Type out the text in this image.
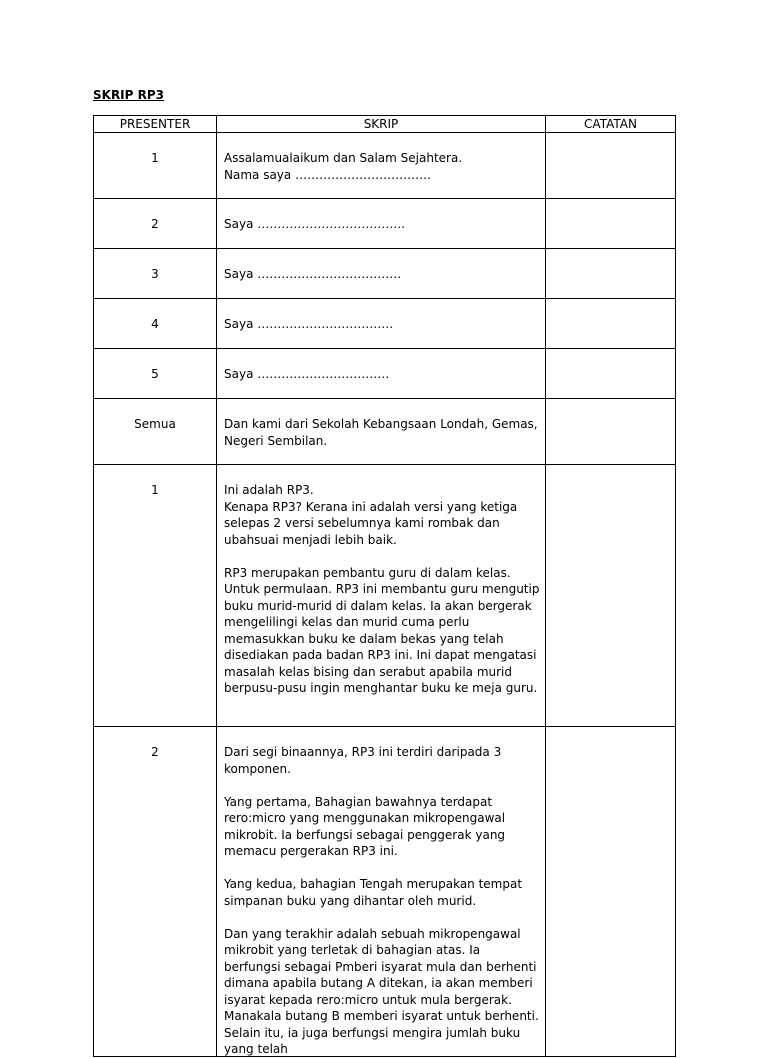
SKRIP RP3
PRESENTER	SKRIP	CATATAN
1	Assalamualaikum dan Salam Sejahtera.
Nama saya …………………………….	

2	Saya ……………………………….	

3	Saya ………………………………	

4	Saya …………………………….	

5	Saya ……………………………	

Semua	Dan kami dari Sekolah Kebangsaan Londah, Gemas, Negeri Sembilan.	

1	Ini adalah RP3.
Kenapa RP3? Kerana ini adalah versi yang ketiga selepas 2 versi sebelumnya kami rombak dan ubahsuai menjadi lebih baik.

RP3 merupakan pembantu guru di dalam kelas. Untuk permulaan. RP3 ini membantu guru mengutip buku murid-murid di dalam kelas. Ia akan bergerak mengelilingi kelas dan murid cuma perlu memasukkan buku ke dalam bekas yang telah disediakan pada badan RP3 ini. Ini dapat mengatasi masalah kelas bising dan serabut apabila murid berpusu-pusu ingin menghantar buku ke meja guru.	

2	Dari segi binaannya, RP3 ini terdiri daripada 3 komponen.

Yang pertama, Bahagian bawahnya terdapat rero:micro yang menggunakan mikropengawal mikrobit. Ia berfungsi sebagai penggerak yang memacu pergerakan RP3 ini.

Yang kedua, bahagian Tengah merupakan tempat simpanan buku yang dihantar oleh murid.

Dan yang terakhir adalah sebuah mikropengawal mikrobit yang terletak di bahagian atas. Ia berfungsi sebagai Pmberi isyarat mula dan berhenti dimana apabila butang A ditekan, ia akan memberi isyarat kepada rero:micro untuk mula bergerak. Manakala butang B memberi isyarat untuk berhenti. Selain itu, ia juga berfungsi mengira jumlah buku yang telah	
